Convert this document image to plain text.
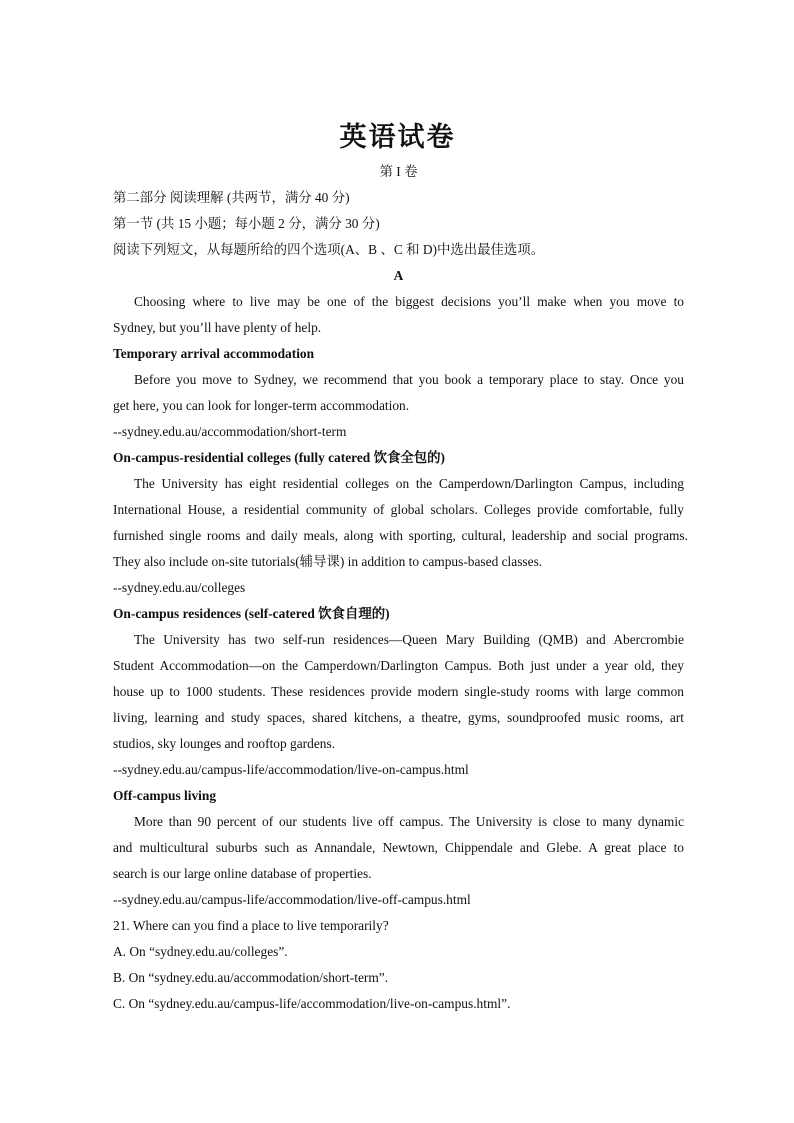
英语试卷
第 I 卷
第二部分 阅读理解 (共两节，满分 40 分)
第一节 (共 15 小题；每小题 2 分，满分 30 分)
阅读下列短文，从每题所给的四个选项(A、B 、C 和 D)中选出最佳选项。
A
Choosing where to live may be one of the biggest decisions you’ll make when you move to
Sydney, but you’ll have plenty of help.
Temporary arrival accommodation
Before you move to Sydney, we recommend that you book a temporary place to stay. Once you
get here, you can look for longer-term accommodation.
--sydney.edu.au/accommodation/short-term
On-campus-residential colleges (fully catered 饮食全包的)
The University has eight residential colleges on the Camperdown/Darlington Campus, including
International House, a residential community of global scholars. Colleges provide comfortable, fully
furnished single rooms and daily meals, along with sporting, cultural, leadership and social programs.
They also include on-site tutorials(辅导课) in addition to campus-based classes.
--sydney.edu.au/colleges
On-campus residences (self-catered 饮食自理的)
The University has two self-run residences—Queen Mary Building (QMB) and Abercrombie
Student Accommodation—on the Camperdown/Darlington Campus. Both just under a year old, they
house up to 1000 students. These residences provide modern single-study rooms with large common
living, learning and study spaces, shared kitchens, a theatre, gyms, soundproofed music rooms, art
studios, sky lounges and rooftop gardens.
--sydney.edu.au/campus-life/accommodation/live-on-campus.html
Off-campus living
More than 90 percent of our students live off campus. The University is close to many dynamic
and multicultural suburbs such as Annandale, Newtown, Chippendale and Glebe. A great place to
search is our large online database of properties.
--sydney.edu.au/campus-life/accommodation/live-off-campus.html
21. Where can you find a place to live temporarily?
A. On “sydney.edu.au/colleges”.
B. On “sydney.edu.au/accommodation/short-term”.
C. On “sydney.edu.au/campus-life/accommodation/live-on-campus.html”.
